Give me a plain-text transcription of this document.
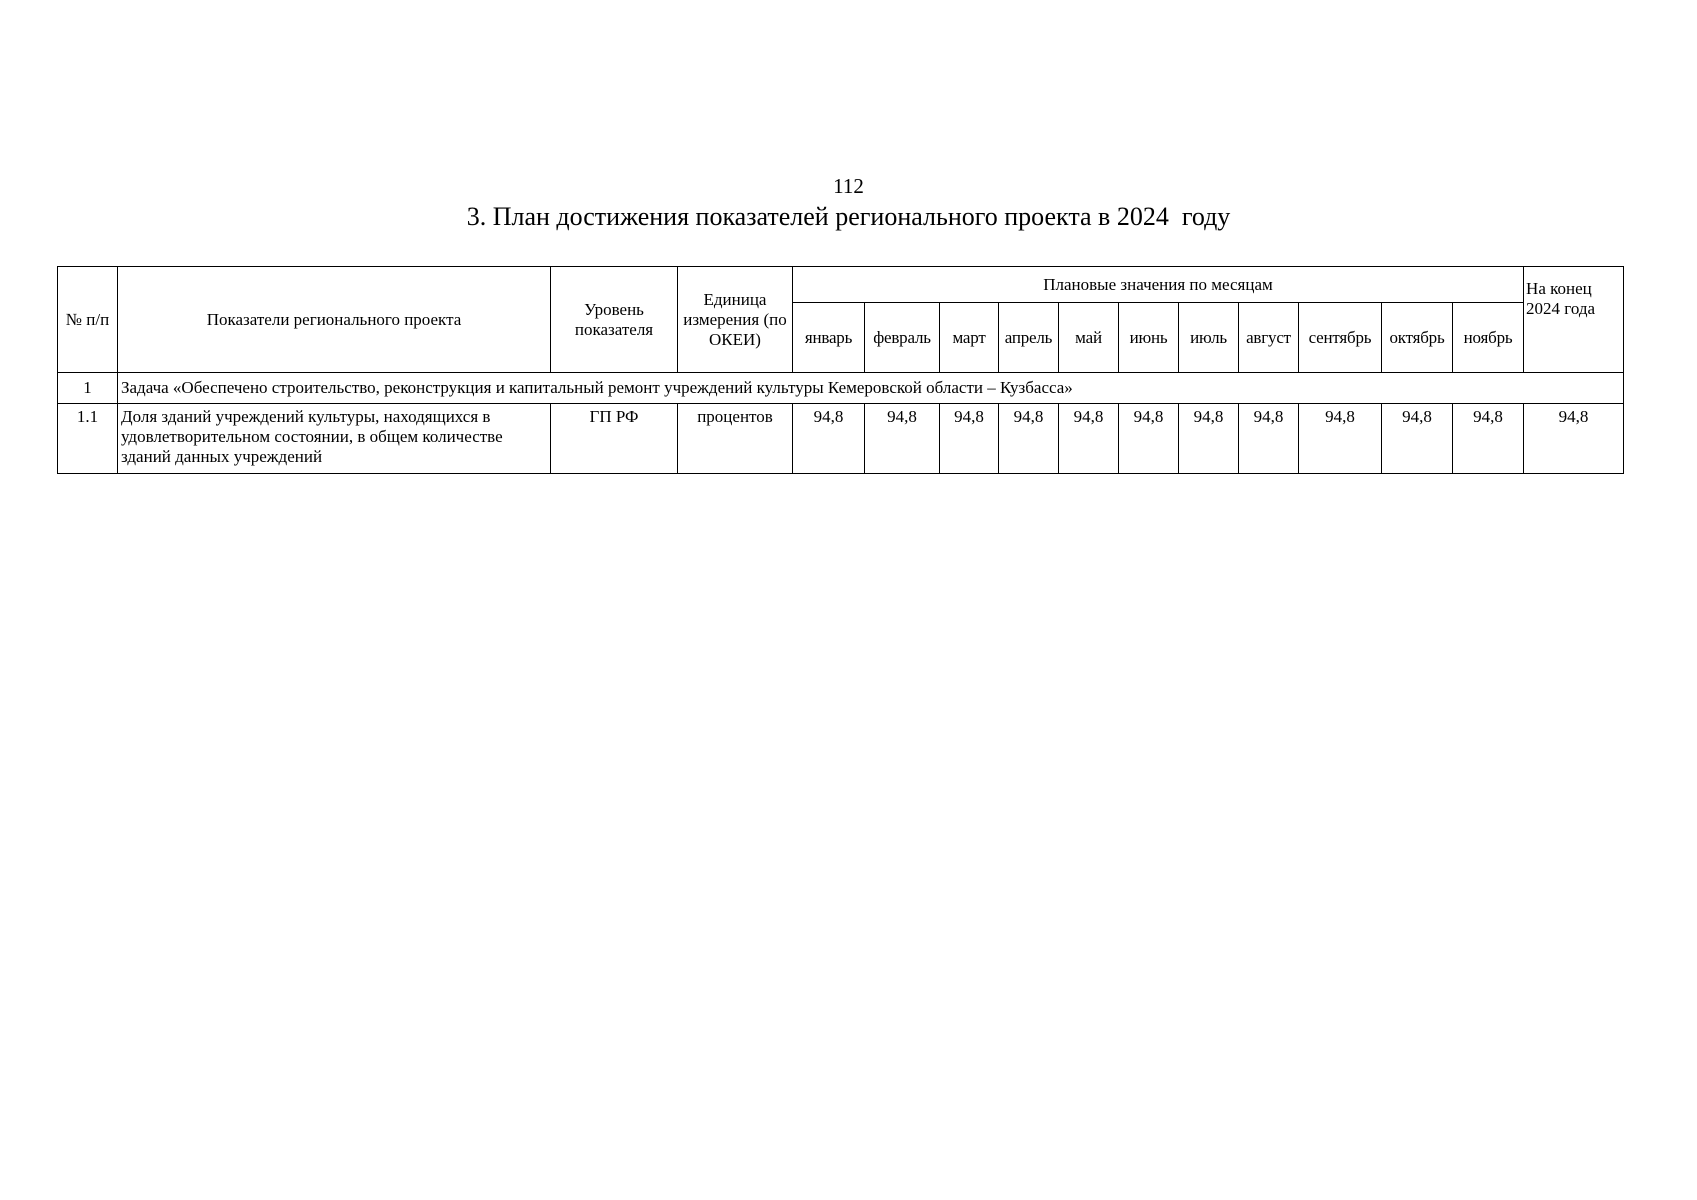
112
3. План достижения показателей регионального проекта в 2024  году
№ п/п	Показатели регионального проекта	Уровень показателя	Единица измерения (по ОКЕИ)	Плановые значения по месяцам											На конец 2024 года
				январь	февраль	март	апрель	май	июнь	июль	август	сентябрь	октябрь	ноябрь	
1	Задача «Обеспечено строительство, реконструкция и капитальный ремонт учреждений культуры Кемеровской области – Кузбасса»														
1.1	Доля зданий учреждений культуры, находящихся в удовлетворительном состоянии, в общем количестве зданий данных учреждений	ГП РФ	процентов	94,8	94,8	94,8	94,8	94,8	94,8	94,8	94,8	94,8	94,8	94,8	94,8
